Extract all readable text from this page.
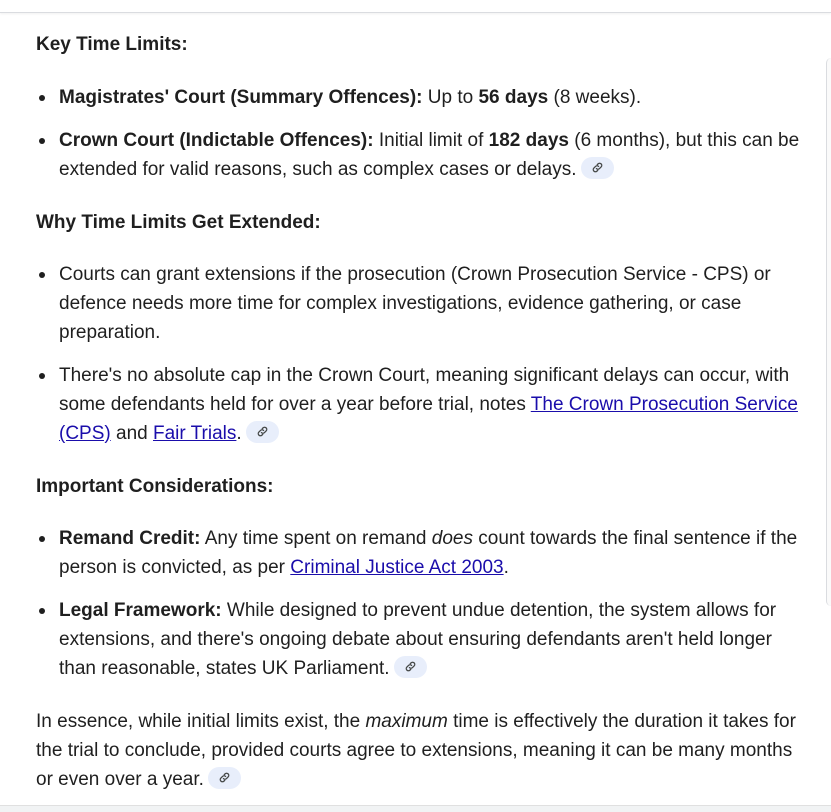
Key Time Limits:
Magistrates' Court (Summary Offences): Up to 56 days (8 weeks).
Crown Court (Indictable Offences): Initial limit of 182 days (6 months), but this can be extended for valid reasons, such as complex cases or delays.
Why Time Limits Get Extended:
Courts can grant extensions if the prosecution (Crown Prosecution Service - CPS) or defence needs more time for complex investigations, evidence gathering, or case preparation.
There's no absolute cap in the Crown Court, meaning significant delays can occur, with some defendants held for over a year before trial, notes The Crown Prosecution Service (CPS) and Fair Trials.
Important Considerations:
Remand Credit: Any time spent on remand does count towards the final sentence if the person is convicted, as per Criminal Justice Act 2003.
Legal Framework: While designed to prevent undue detention, the system allows for extensions, and there's ongoing debate about ensuring defendants aren't held longer than reasonable, states UK Parliament.

In essence, while initial limits exist, the maximum time is effectively the duration it takes for the trial to conclude, provided courts agree to extensions, meaning it can be many months or even over a year.
